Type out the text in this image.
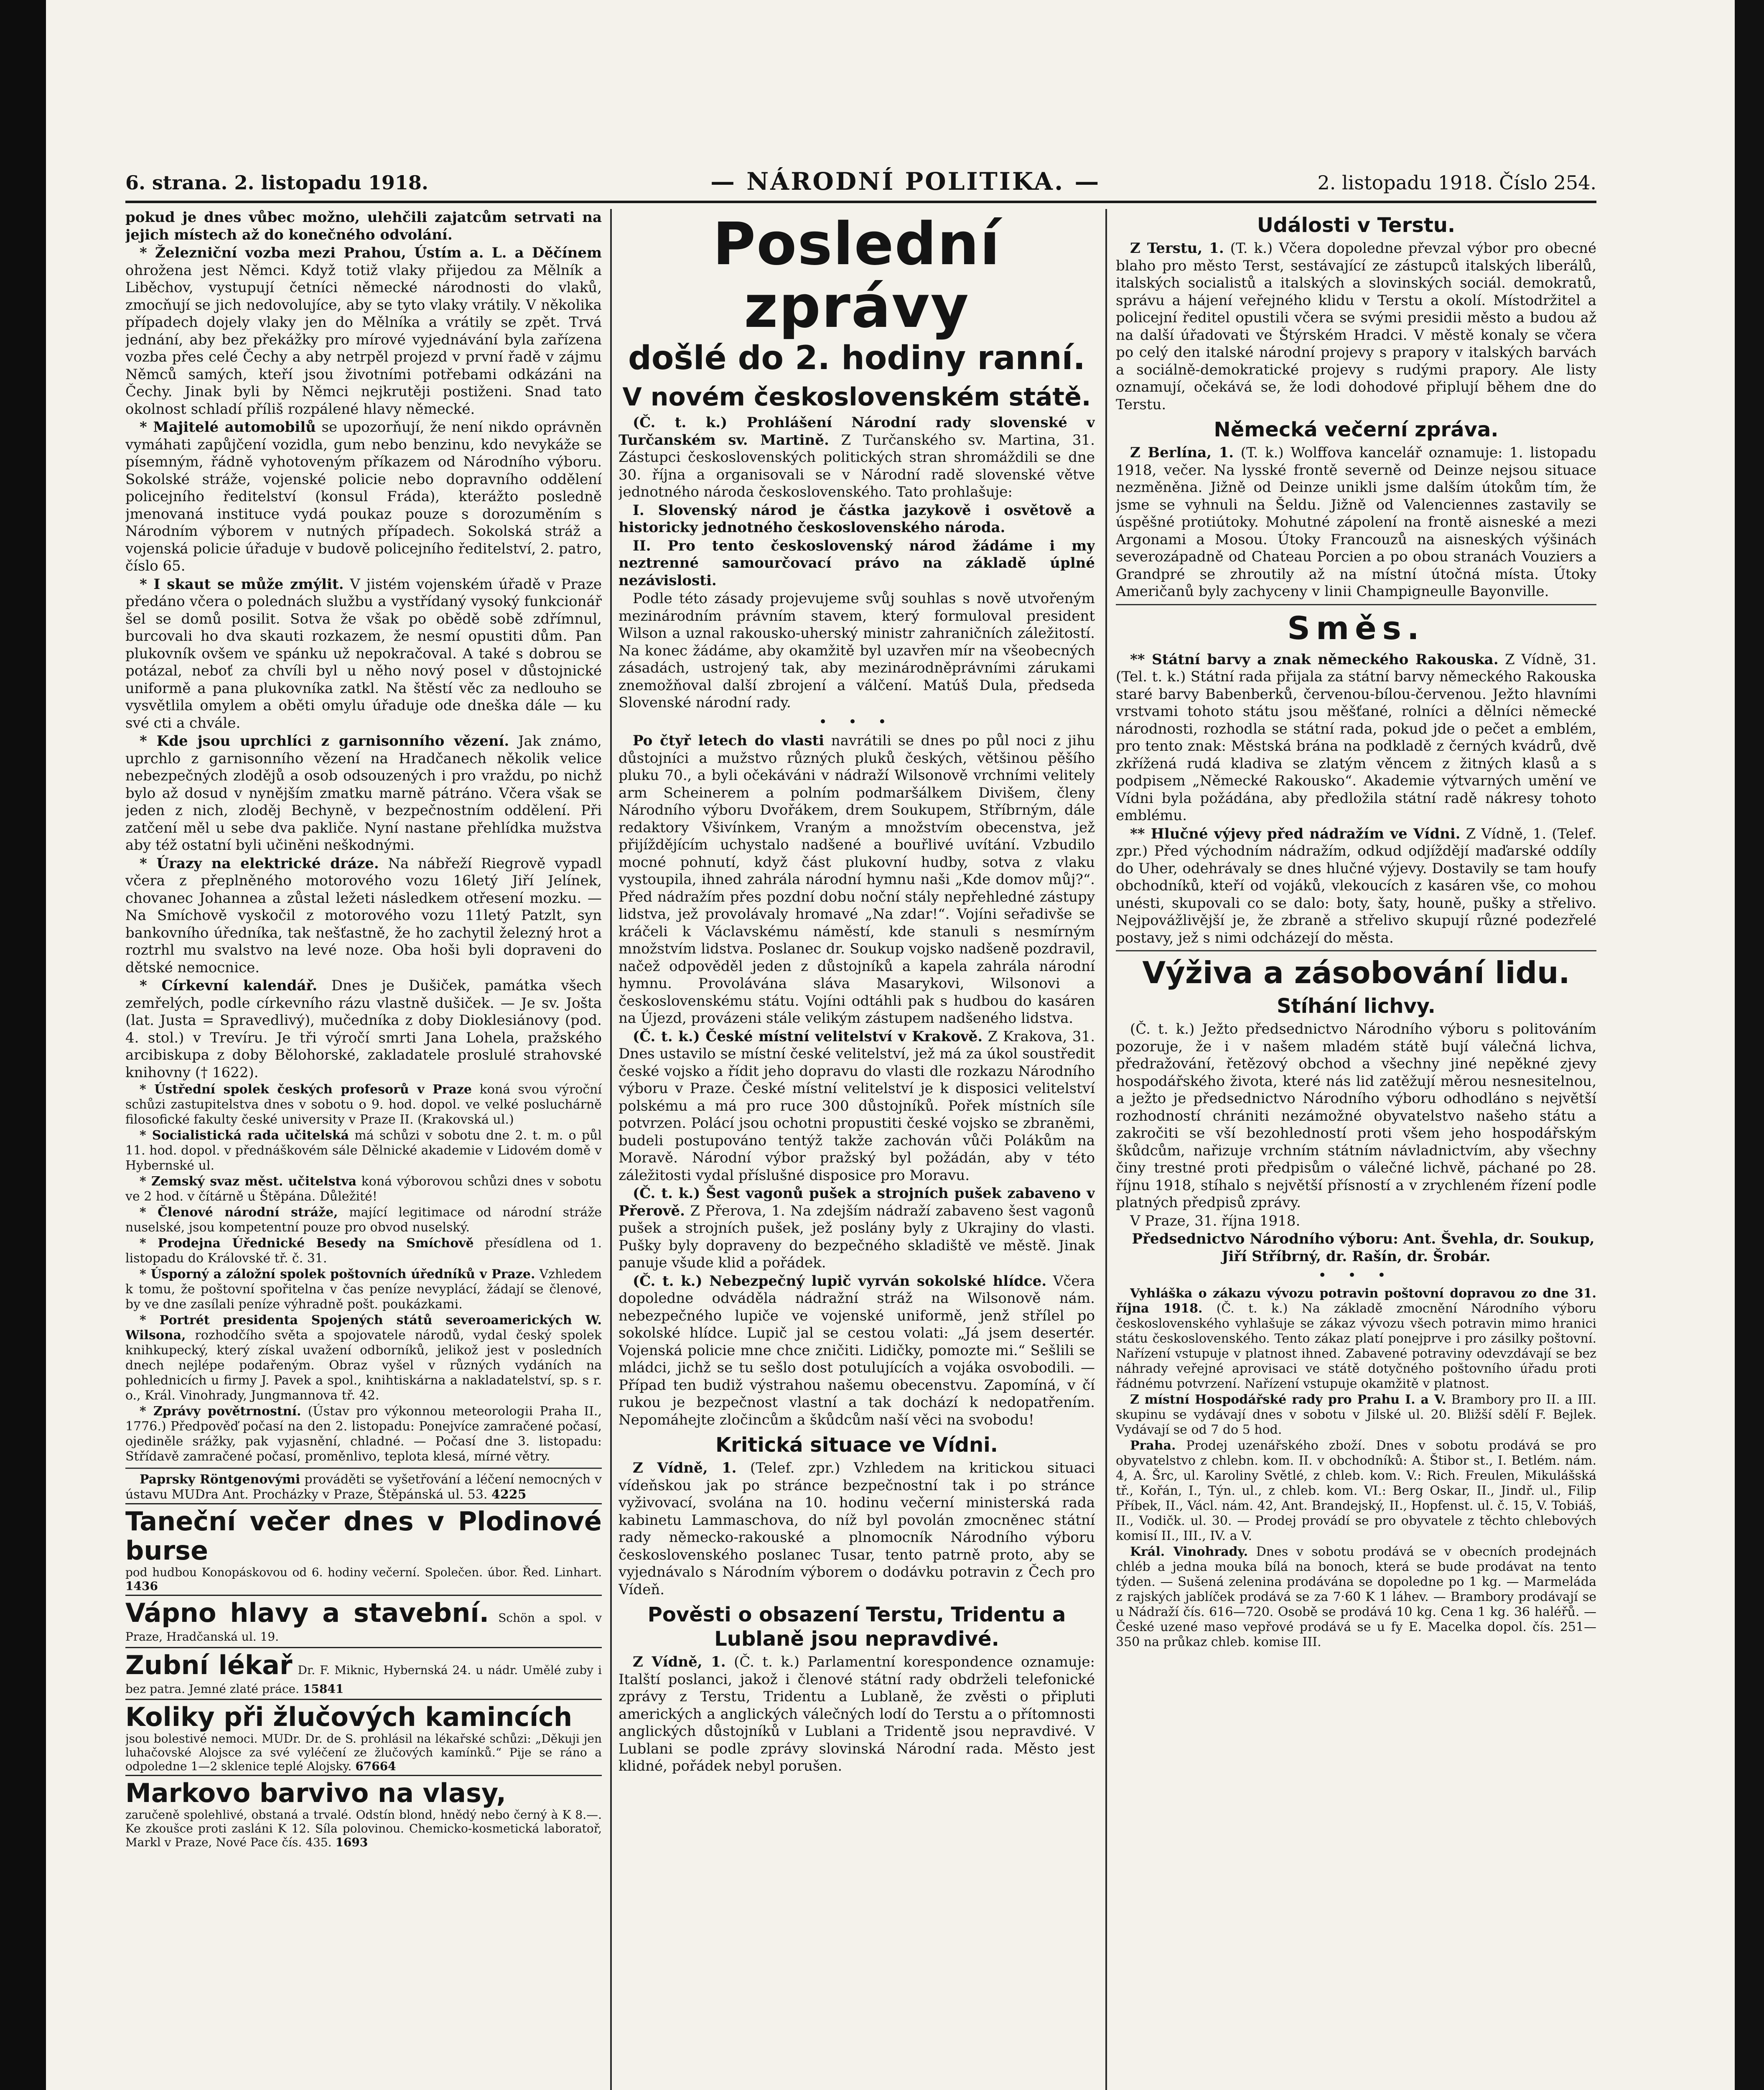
6. strana. 2. listopadu 1918.	— NÁRODNÍ POLITIKA. —	2. listopadu 1918. Číslo 254.

pokud je dnes vůbec možno, ulehčili zajatcům setrvati na jejich místech až do konečného odvolání.

* Železniční vozba mezi Prahou, Ústím a. L. a Děčínem ohrožena jest Němci. Když totiž vlaky přijedou za Mělník a Liběchov, vystupují četníci německé národnosti do vlaků, zmocňují se jich nedovolujíce, aby se tyto vlaky vrátily. V několika případech dojely vlaky jen do Mělníka a vrátily se zpět. Trvá jednání, aby bez překážky pro mírové vyjednávání byla zařízena vozba přes celé Čechy a aby netrpěl projezd v první řadě v zájmu Němců samých, kteří jsou životními potřebami odkázáni na Čechy. Jinak byli by Němci nejkrutěji postiženi. Snad tato okolnost schladí příliš rozpálené hlavy německé.

* Majitelé automobilů se upozorňují, že není nikdo oprávněn vymáhati zapůjčení vozidla, gum nebo benzinu, kdo nevykáže se písemným, řádně vyhotoveným příkazem od Národního výboru. Sokolské stráže, vojenské policie nebo dopravního oddělení policejního ředitelství (konsul Fráda), kterážto posledně jmenovaná instituce vydá poukaz pouze s dorozuměním s Národním výborem v nutných případech. Sokolská stráž a vojenská policie úřaduje v budově policejního ředitelství, 2. patro, číslo 65.

* I skaut se může zmýlit. V jistém vojenském úřadě v Praze předáno včera o polednách službu a vystřídaný vysoký funkcionář šel se domů posilit. Sotva že však po obědě sobě zdřímnul, burcovali ho dva skauti rozkazem, že nesmí opustiti dům. Pan plukovník ovšem ve spánku už nepokračoval. A také s dobrou se potázal, neboť za chvíli byl u něho nový posel v důstojnické uniformě a pana plukovníka zatkl. Na štěstí věc za nedlouho se vysvětlila omylem a oběti omylu úřaduje ode dneška dále — ku své cti a chvále.

* Kde jsou uprchlíci z garnisonního vězení. Jak známo, uprchlo z garnisonního vězení na Hradčanech několik velice nebezpečných zlodějů a osob odsouzených i pro vraždu, po nichž bylo až dosud v nynějším zmatku marně pátráno. Včera však se jeden z nich, zloděj Bechyně, v bezpečnostním oddělení. Při zatčení měl u sebe dva pakliče. Nyní nastane přehlídka mužstva aby též ostatní byli učiněni neškodnými.

* Úrazy na elektrické dráze. Na nábřeží Riegrově vypadl včera z přeplněného motorového vozu 16letý Jiří Jelínek, chovanec Johannea a zůstal ležeti následkem otřesení mozku. — Na Smíchově vyskočil z motorového vozu 11letý Patzlt, syn bankovního úředníka, tak nešťastně, že ho zachytil železný hrot a roztrhl mu svalstvo na levé noze. Oba hoši byli dopraveni do dětské nemocnice.

* Církevní kalendář. Dnes je Dušiček, památka všech zemřelých, podle církevního rázu vlastně dušiček. — Je sv. Jošta (lat. Justa = Spravedlivý), mučedníka z doby Dioklesiánovy (pod. 4. stol.) v Trevíru. Je tři výročí smrti Jana Lohela, pražského arcibiskupa z doby Bělohorské, zakladatele proslulé strahovské knihovny († 1622).

* Ústřední spolek českých profesorů v Praze koná svou výroční schůzi zastupitelstva dnes v sobotu o 9. hod. dopol. ve velké posluchárně filosofické fakulty české university v Praze II. (Krakovská ul.)

* Socialistická rada učitelská má schůzi v sobotu dne 2. t. m. o půl 11. hod. dopol. v přednáškovém sále Dělnické akademie v Lidovém domě v Hybernské ul.

* Zemský svaz měst. učitelstva koná výborovou schůzi dnes v sobotu ve 2 hod. v čítárně u Štěpána. Důležité!

* Členové národní stráže, mající legitimace od národní stráže nuselské, jsou kompetentní pouze pro obvod nuselský.

* Prodejna Úřednické Besedy na Smíchově přesídlena od 1. listopadu do Královské tř. č. 31.

* Úsporný a záložní spolek poštovních úředníků v Praze. Vzhledem k tomu, že poštovní spořitelna v čas peníze nevyplácí, žádají se členové, by ve dne zasílali peníze výhradně pošt. poukázkami.

* Portrét presidenta Spojených států severoamerických W. Wilsona, rozhodčího světa a spojovatele národů, vydal český spolek knihkupecký, který získal uvažení odborníků, jelikož jest v posledních dnech nejlépe podařeným. Obraz vyšel v různých vydáních na pohlednicích u firmy J. Pavek a spol., knihtiskárna a nakladatelství, sp. s r. o., Král. Vinohrady, Jungmannova tř. 42.

* Zprávy povětrnostní. (Ústav pro výkonnou meteorologii Praha II., 1776.) Předpověď počasí na den 2. listopadu: Ponejvíce zamračené počasí, ojediněle srážky, pak vyjasnění, chladné. — Počasí dne 3. listopadu: Střídavě zamračené počasí, proměnlivo, teplota klesá, mírné větry.

Paprsky Röntgenovými prováděti se vyšetřování a léčení nemocných v ústavu MUDra Ant. Procházky v Praze, Štěpánská ul. 53. 4225

Taneční večer dnes v Plodinové burse
pod hudbou Konopáskovou od 6. hodiny večerní. Společen. úbor. Řed. Linhart. 1436
Vápno hlavy a stavební. Schön a spol. v Praze, Hradčanská ul. 19.
Zubní lékař Dr. F. Miknic, Hybernská 24. u nádr. Umělé zuby i bez patra. Jemné zlaté práce. 15841
Koliky při žlučových kamincích
jsou bolestivé nemoci. MUDr. Dr. de S. prohlásil na lékařské schůzi: „Děkuji jen luhačovské Alojsce za své vyléčení ze žlučových kamínků.“ Pije se ráno a odpoledne 1—2 sklenice teplé Alojsky. 67664
Markovo barvivo na vlasy,
zaručeně spolehlivé, obstaná a trvalé. Odstín blond, hnědý nebo černý à K 8.—. Ke zkoušce proti zasláni K 12. Síla polovinou. Chemicko-kosmetická laboratoř, Markl v Praze, Nové Pace čís. 435. 1693
Poslední zprávy
došlé do 2. hodiny ranní.
V novém československém státě.

(Č. t. k.) Prohlášení Národní rady slovenské v Turčanském sv. Martině. Z Turčanského sv. Martina, 31. Zástupci československých politických stran shromáždili se dne 30. října a organisovali se v Národní radě slovenské větve jednotného národa československého. Tato prohlašuje:

I. Slovenský národ je částka jazykově i osvětově a historicky jednotného československého národa.

II. Pro tento československý národ žádáme i my neztrenné samourčovací právo na základě úplné nezávislosti.

Podle této zásady projevujeme svůj souhlas s nově utvořeným mezinárodním právním stavem, který formuloval president Wilson a uznal rakousko-uherský ministr zahraničních záležitostí. Na konec žádáme, aby okamžitě byl uzavřen mír na všeobecných zásadách, ustrojený tak, aby mezinárodněprávními zárukami znemožňoval další zbrojení a válčení. Matúš Dula, předseda Slovenské národní rady.

• • •

Po čtyř letech do vlasti navrátili se dnes po půl noci z jihu důstojníci a mužstvo různých pluků českých, většinou pěšího pluku 70., a byli očekáváni v nádraží Wilsonově vrchními velitely arm Scheinerem a polním podmaršálkem Divišem, členy Národního výboru Dvořákem, drem Soukupem, Stříbrným, dále redaktory Všivínkem, Vraným a množstvím obecenstva, jež přijíždějícím uchystalo nadšené a bouřlivé uvítání. Vzbudilo mocné pohnutí, když část plukovní hudby, sotva z vlaku vystoupila, ihned zahrála národní hymnu naši „Kde domov můj?“. Před nádražím přes pozdní dobu noční stály nepřehledné zástupy lidstva, jež provolávaly hromavé „Na zdar!“. Vojíni seřadivše se kráčeli k Václavskému náměstí, kde stanuli s nesmírným množstvím lidstva. Poslanec dr. Soukup vojsko nadšeně pozdravil, načež odpověděl jeden z důstojníků a kapela zahrála národní hymnu. Provolávána sláva Masarykovi, Wilsonovi a československému státu. Vojíni odtáhli pak s hudbou do kasáren na Újezd, provázeni stále velikým zástupem nadšeného lidstva.

(Č. t. k.) České místní velitelství v Krakově. Z Krakova, 31. Dnes ustavilo se místní české velitelství, jež má za úkol soustředit české vojsko a řídit jeho dopravu do vlasti dle rozkazu Národního výboru v Praze. České místní velitelství je k disposici velitelství polskému a má pro ruce 300 důstojníků. Pořek místních síle potvrzen. Polácí jsou ochotni propustiti české vojsko se zbraněmi, budeli postupováno tentýž takže zachován vůči Polákům na Moravě. Národní výbor pražský byl požádán, aby v této záležitosti vydal příslušné disposice pro Moravu.

(Č. t. k.) Šest vagonů pušek a strojních pušek zabaveno v Přerově. Z Přerova, 1. Na zdejším nádraží zabaveno šest vagonů pušek a strojních pušek, jež poslány byly z Ukrajiny do vlasti. Pušky byly dopraveny do bezpečného skladiště ve městě. Jinak panuje všude klid a pořádek.

(Č. t. k.) Nebezpečný lupič vyrván sokolské hlídce. Včera dopoledne odváděla nádražní stráž na Wilsonově nám. nebezpečného lupiče ve vojenské uniformě, jenž střílel po sokolské hlídce. Lupič jal se cestou volati: „Já jsem desertér. Vojenská policie mne chce zničiti. Lidičky, pomozte mi.“ Sešlili se mládci, jichž se tu sešlo dost potulujících a vojáka osvobodili. — Případ ten budiž výstrahou našemu obecenstvu. Zapomíná, v čí rukou je bezpečnost vlastní a tak dochází k nedopatřením. Nepomáhejte zločincům a škůdcům naší věci na svobodu!

Kritická situace ve Vídni.

Z Vídně, 1. (Telef. zpr.) Vzhledem na kritickou situaci vídeňskou jak po stránce bezpečnostní tak i po stránce vyživovací, svolána na 10. hodinu večerní ministerská rada kabinetu Lammaschova, do níž byl povolán zmocněnec státní rady německo-rakouské a plnomocník Národního výboru československého poslanec Tusar, tento patrně proto, aby se vyjednávalo s Národním výborem o dodávku potravin z Čech pro Vídeň.

Pověsti o obsazení Terstu, Tridentu a Lublaně jsou nepravdivé.

Z Vídně, 1. (Č. t. k.) Parlamentní korespondence oznamuje: Italští poslanci, jakož i členové státní rady obdrželi telefonické zprávy z Terstu, Tridentu a Lublaně, že zvěsti o připluti amerických a anglických válečných lodí do Terstu a o přítomnosti anglických důstojníků v Lublani a Tridentě jsou nepravdivé. V Lublani se podle zprávy slovinská Národní rada. Město jest klidné, pořádek nebyl porušen.

Události v Terstu.

Z Terstu, 1. (T. k.) Včera dopoledne převzal výbor pro obecné blaho pro město Terst, sestávající ze zástupců italských liberálů, italských socialistů a italských a slovinských sociál. demokratů, správu a hájení veřejného klidu v Terstu a okolí. Místodržitel a policejní ředitel opustili včera se svými presidii město a budou až na další úřadovati ve Štýrském Hradci. V městě konaly se včera po celý den italské národní projevy s prapory v italských barvách a sociálně-demokratické projevy s rudými prapory. Ale listy oznamují, očekává se, že lodi dohodové připlují během dne do Terstu.

Německá večerní zpráva.

Z Berlína, 1. (T. k.) Wolffova kancelář oznamuje: 1. listopadu 1918, večer. Na lysské frontě severně od Deinze nejsou situace nezměněna. Jižně od Deinze unikli jsme dalším útokům tím, že jsme se vyhnuli na Šeldu. Jižně od Valenciennes zastavily se úspěšné protiútoky. Mohutné zápolení na frontě aisneské a mezi Argonami a Mosou. Útoky Francouzů na aisneských výšinách severozápadně od Chateau Porcien a po obou stranách Vouziers a Grandpré se zhroutily až na místní útočná místa. Útoky Američanů byly zachyceny v linii Champigneulle Bayonville.

Směs.

** Státní barvy a znak německého Rakouska. Z Vídně, 31. (Tel. t. k.) Státní rada přijala za státní barvy německého Rakouska staré barvy Babenberků, červenou-bílou-červenou. Ježto hlavními vrstvami tohoto státu jsou měšťané, rolníci a dělníci německé národnosti, rozhodla se státní rada, pokud jde o pečet a emblém, pro tento znak: Městská brána na podkladě z černých kvádrů, dvě zkřížená rudá kladiva se zlatým věncem z žitných klasů a s podpisem „Německé Rakousko“. Akademie výtvarných umění ve Vídni byla požádána, aby předložila státní radě nákresy tohoto emblému.

** Hlučné výjevy před nádražím ve Vídni. Z Vídně, 1. (Telef. zpr.) Před východním nádražím, odkud odjíždějí maďarské oddíly do Uher, odehrávaly se dnes hlučné výjevy. Dostavily se tam houfy obchodníků, kteří od vojáků, vlekoucích z kasáren vše, co mohou unésti, skupovali co se dalo: boty, šaty, houně, pušky a střelivo. Nejpovážlivější je, že zbraně a střelivo skupují různé podezřelé postavy, jež s nimi odcházejí do města.

Výživa a zásobování lidu.
Stíhání lichvy.

(Č. t. k.) Ježto předsednictvo Národního výboru s politováním pozoruje, že i v našem mladém státě bují válečná lichva, předražování, řetězový obchod a všechny jiné nepěkné zjevy hospodářského života, které nás lid zatěžují měrou nesnesitelnou, a ježto je předsednictvo Národního výboru odhodláno s největší rozhodností chrániti nezámožné obyvatelstvo našeho státu a zakročiti se vší bezohledností proti všem jeho hospodářským škůdcům, nařizuje vrchním státním návladnictvím, aby všechny činy trestné proti předpisům o válečné lichvě, páchané po 28. říjnu 1918, stíhalo s největší přísností a v zrychleném řízení podle platných předpisů zprávy.

V Praze, 31. října 1918.

Předsednictvo Národního výboru: Ant. Švehla, dr. Soukup, Jiří Stříbrný, dr. Rašín, dr. Šrobár.

• • •

Vyhláška o zákazu vývozu potravin poštovní dopravou zo dne 31. října 1918. (Č. t. k.) Na základě zmocnění Národního výboru československého vyhlašuje se zákaz vývozu všech potravin mimo hranici státu československého. Tento zákaz platí ponejprve i pro zásilky poštovní. Nařízení vstupuje v platnost ihned. Zabavené potraviny odevzdávají se bez náhrady veřejné aprovisaci ve státě dotyčného poštovního úřadu proti řádnému potvrzení. Nařízení vstupuje okamžitě v platnost.

Z místní Hospodářské rady pro Prahu I. a V. Brambory pro II. a III. skupinu se vydávají dnes v sobotu v Jilské ul. 20. Bližší sdělí F. Bejlek. Vydávají se od 7 do 5 hod.

Praha. Prodej uzenářského zboží. Dnes v sobotu prodává se pro obyvatelstvo z chlebn. kom. II. v obchodníků: A. Štibor st., I. Betlém. nám. 4, A. Šrc, ul. Karoliny Světlé, z chleb. kom. V.: Rich. Freulen, Mikulášská tř., Kořán, I., Týn. ul., z chleb. kom. VI.: Berg Oskar, II., Jindř. ul., Filip Příbek, II., Václ. nám. 42, Ant. Brandejský, II., Hopfenst. ul. č. 15, V. Tobiáš, II., Vodičk. ul. 30. — Prodej provádí se pro obyvatele z těchto chlebových komisí II., III., IV. a V.

Král. Vinohrady. Dnes v sobotu prodává se v obecních prodejnách chléb a jedna mouka bílá na bonoch, která se bude prodávat na tento týden. — Sušená zelenina prodávána se dopoledne po 1 kg. — Marmeláda z rajských jablíček prodává se za 7·60 K 1 láhev. — Brambory prodávají se u Nádraží čís. 616—720. Osobě se prodává 10 kg. Cena 1 kg. 36 haléřů. — České uzené maso vepřové prodává se u fy E. Macelka dopol. čís. 251—350 na průkaz chleb. komise III.
